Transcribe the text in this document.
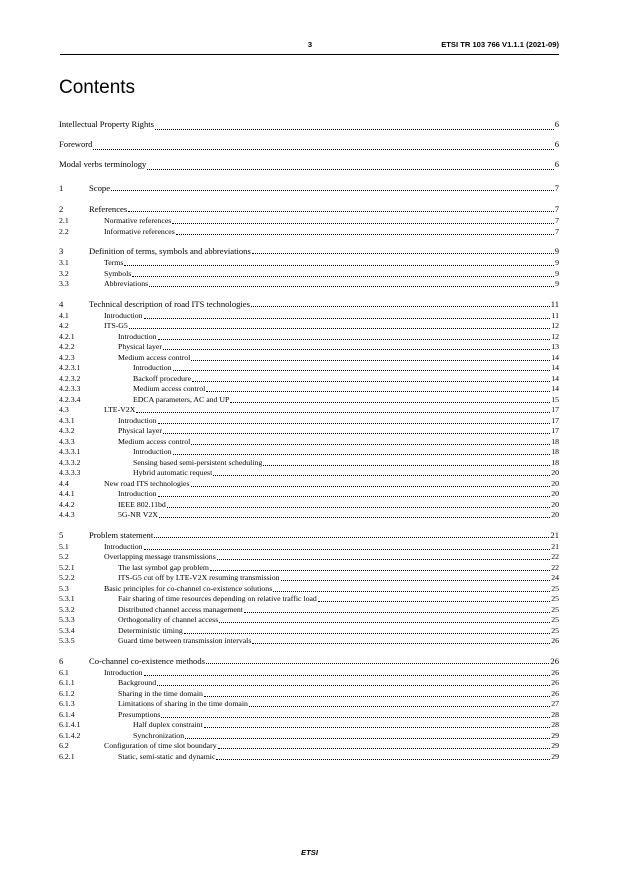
3	ETSI TR 103 766 V1.1.1 (2021-09)
Contents
Intellectual Property Rights	6
Foreword	6
Modal verbs terminology	6
1	Scope	7
2	References	7
2.1	Normative references	7
2.2	Informative references	7
3	Definition of terms, symbols and abbreviations	9
3.1	Terms	9
3.2	Symbols	9
3.3	Abbreviations	9
4	Technical description of road ITS technologies	11
4.1	Introduction	11
4.2	ITS-G5	12
4.2.1	Introduction	12
4.2.2	Physical layer	13
4.2.3	Medium access control	14
4.2.3.1	Introduction	14
4.2.3.2	Backoff procedure	14
4.2.3.3	Medium access control	14
4.2.3.4	EDCA parameters, AC and UP	15
4.3	LTE-V2X	17
4.3.1	Introduction	17
4.3.2	Physical layer	17
4.3.3	Medium access control	18
4.3.3.1	Introduction	18
4.3.3.2	Sensing based semi-persistent scheduling	18
4.3.3.3	Hybrid automatic request	20
4.4	New road ITS technologies	20
4.4.1	Introduction	20
4.4.2	IEEE 802.11bd	20
4.4.3	5G-NR V2X	20
5	Problem statement	21
5.1	Introduction	21
5.2	Overlapping message transmissions	22
5.2.1	The last symbol gap problem	22
5.2.2	ITS-G5 cut off by LTE-V2X resuming transmission	24
5.3	Basic principles for co-channel co-existence solutions	25
5.3.1	Fair sharing of time resources depending on relative traffic load	25
5.3.2	Distributed channel access management	25
5.3.3	Orthogonality of channel access	25
5.3.4	Deterministic timing	25
5.3.5	Guard time between transmission intervals	26
6	Co-channel co-existence methods	26
6.1	Introduction	26
6.1.1	Background	26
6.1.2	Sharing in the time domain	26
6.1.3	Limitations of sharing in the time domain	27
6.1.4	Presumptions	28
6.1.4.1	Half duplex constraint	28
6.1.4.2	Synchronization	29
6.2	Configuration of time slot boundary	29
6.2.1	Static, semi-static and dynamic	29
ETSI
